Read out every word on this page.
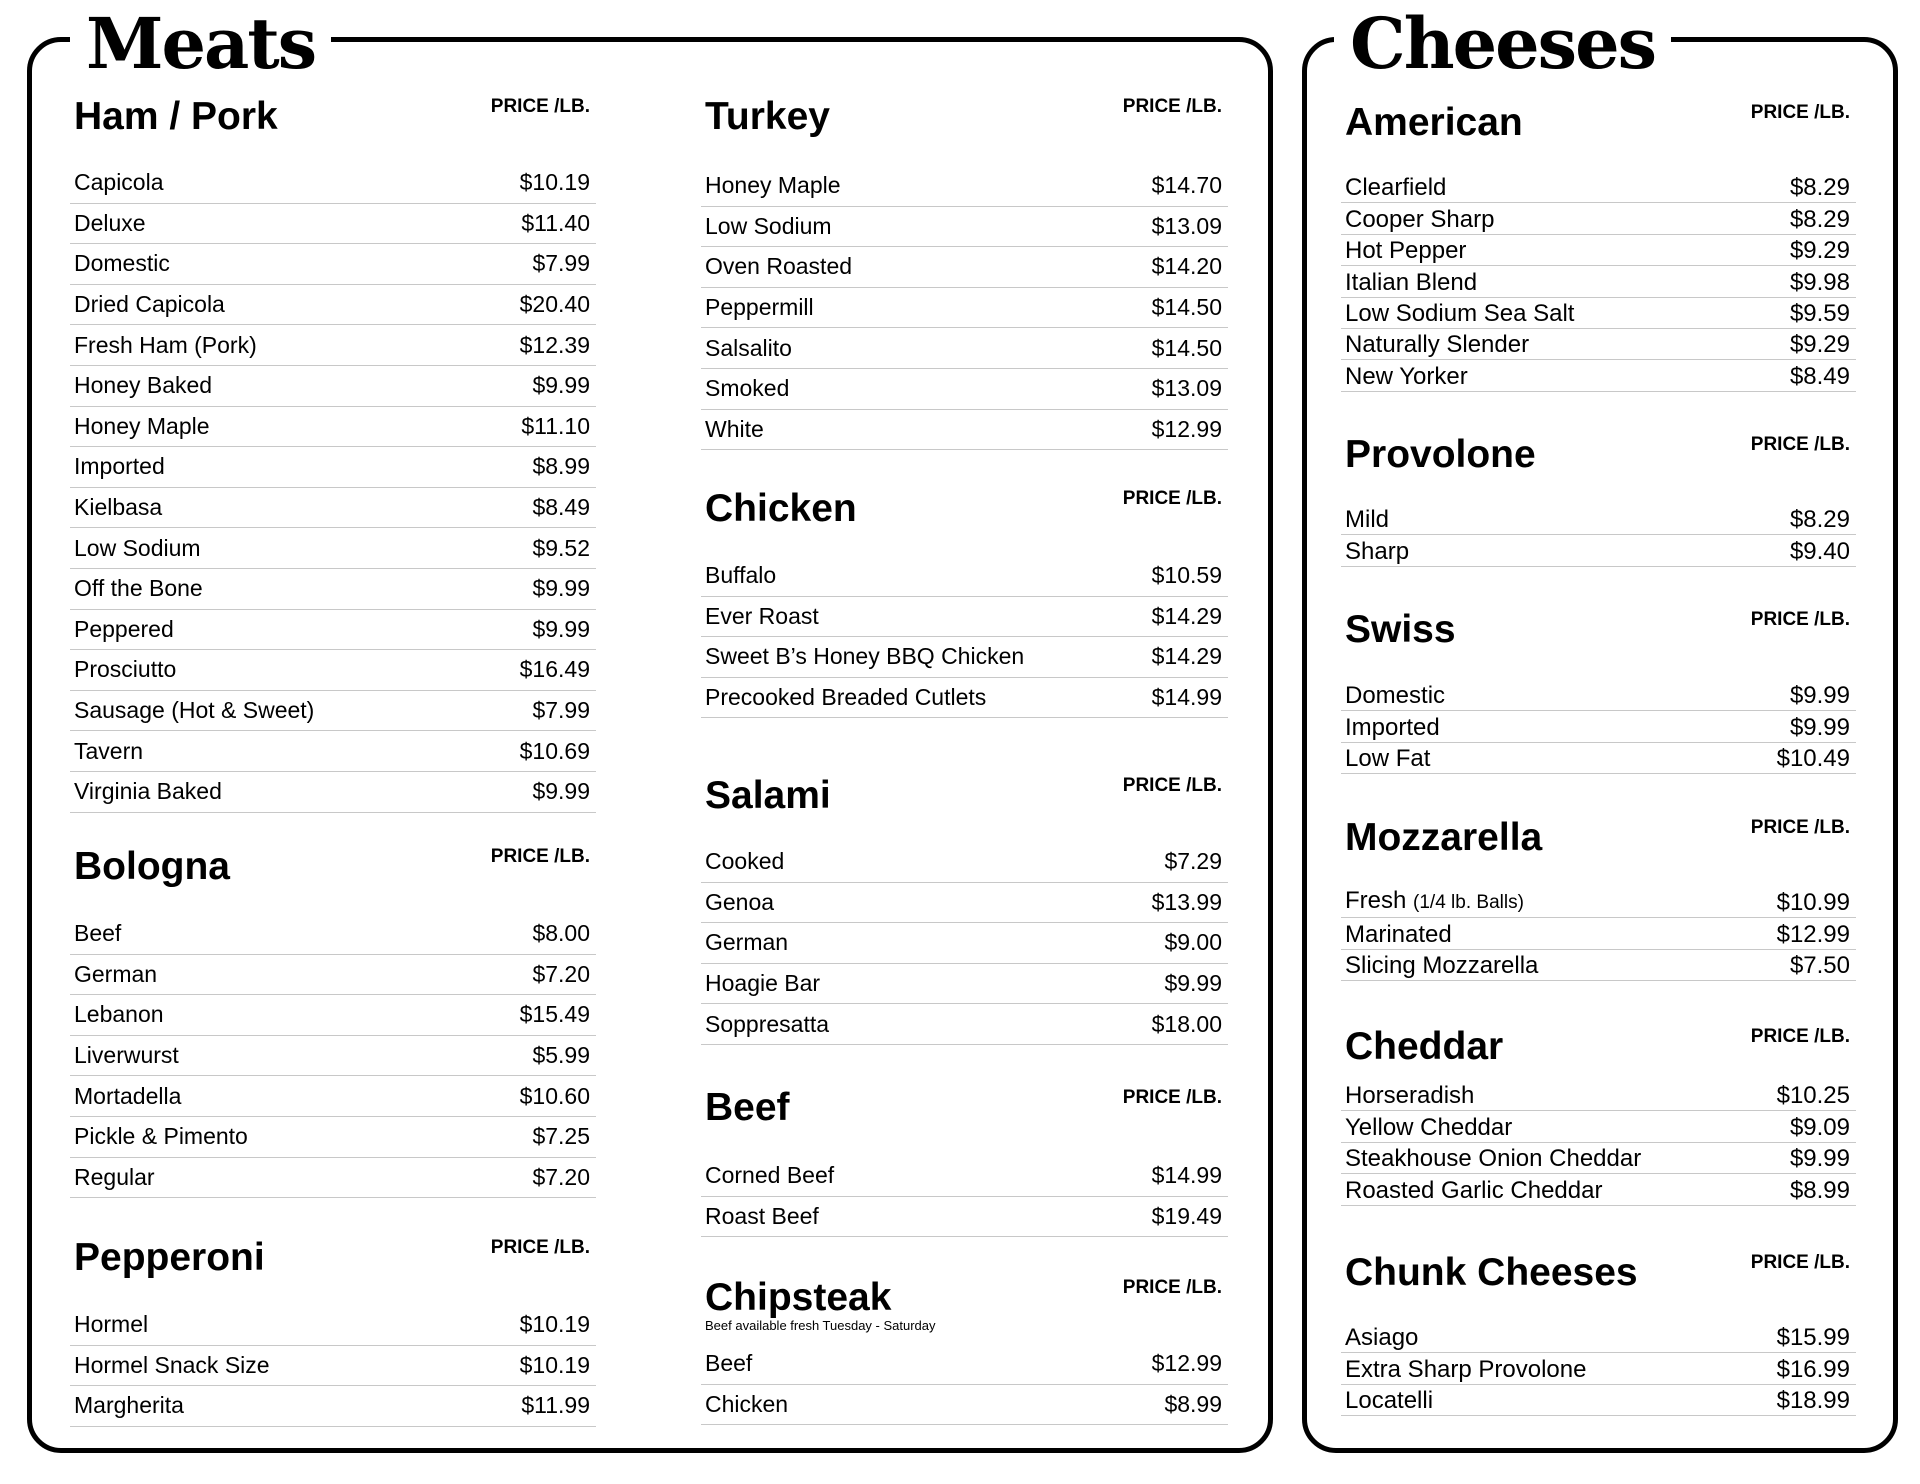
Meats	Cheeses
Ham / Pork	PRICE /LB.
Capicola	$10.19
Deluxe	$11.40
Domestic	$7.99
Dried Capicola	$20.40
Fresh Ham (Pork)	$12.39
Honey Baked	$9.99
Honey Maple	$11.10
Imported	$8.99
Kielbasa	$8.49
Low Sodium	$9.52
Off the Bone	$9.99
Peppered	$9.99
Prosciutto	$16.49
Sausage (Hot & Sweet)	$7.99
Tavern	$10.69
Virginia Baked	$9.99
Bologna	PRICE /LB.
Beef	$8.00
German	$7.20
Lebanon	$15.49
Liverwurst	$5.99
Mortadella	$10.60
Pickle & Pimento	$7.25
Regular	$7.20
Pepperoni	PRICE /LB.
Hormel	$10.19
Hormel Snack Size	$10.19
Margherita	$11.99
Turkey	PRICE /LB.
Honey Maple	$14.70
Low Sodium	$13.09
Oven Roasted	$14.20
Peppermill	$14.50
Salsalito	$14.50
Smoked	$13.09
White	$12.99
Chicken	PRICE /LB.
Buffalo	$10.59
Ever Roast	$14.29
Sweet B’s Honey BBQ Chicken	$14.29
Precooked Breaded Cutlets	$14.99
Salami	PRICE /LB.
Cooked	$7.29
Genoa	$13.99
German	$9.00
Hoagie Bar	$9.99
Soppresatta	$18.00
Beef	PRICE /LB.
Corned Beef	$14.99
Roast Beef	$19.49
Chipsteak	PRICE /LB.
Beef available fresh Tuesday - Saturday
Beef	$12.99
Chicken	$8.99
American	PRICE /LB.
Clearfield	$8.29
Cooper Sharp	$8.29
Hot Pepper	$9.29
Italian Blend	$9.98
Low Sodium Sea Salt	$9.59
Naturally Slender	$9.29
New Yorker	$8.49
Provolone	PRICE /LB.
Mild	$8.29
Sharp	$9.40
Swiss	PRICE /LB.
Domestic	$9.99
Imported	$9.99
Low Fat	$10.49
Mozzarella	PRICE /LB.
Fresh (1/4 lb. Balls)	$10.99
Marinated	$12.99
Slicing Mozzarella	$7.50
Cheddar	PRICE /LB.
Horseradish	$10.25
Yellow Cheddar	$9.09
Steakhouse Onion Cheddar	$9.99
Roasted Garlic Cheddar	$8.99
Chunk Cheeses	PRICE /LB.
Asiago	$15.99
Extra Sharp Provolone	$16.99
Locatelli	$18.99
